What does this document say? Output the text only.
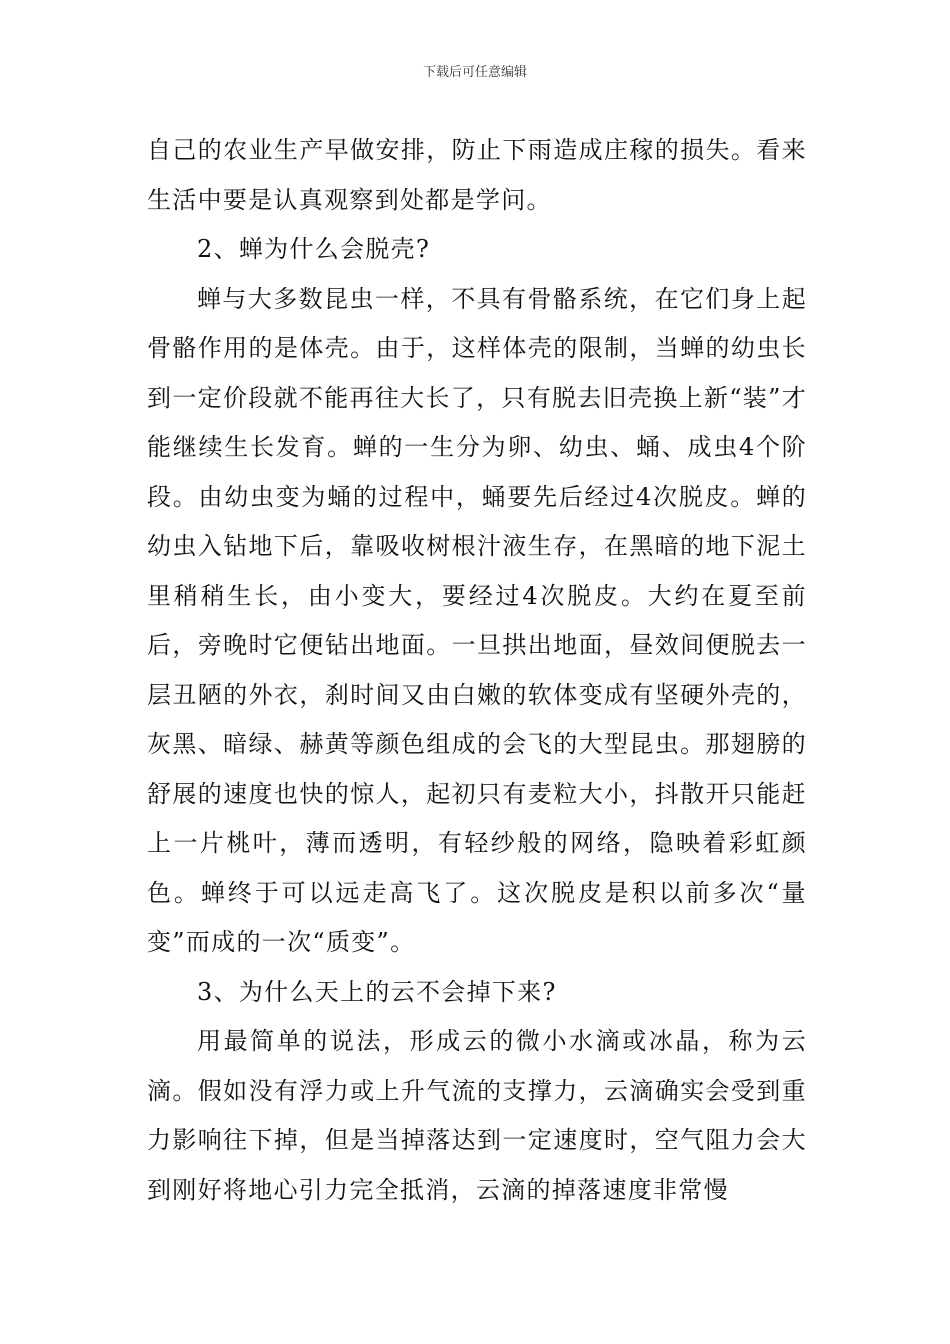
下载后可任意编辑

自己的农业生产早做安排，防止下雨造成庄稼的损失。看来生活中要是认真观察到处都是学问。

2、蝉为什么会脱壳?

蝉与大多数昆虫一样，不具有骨骼系统，在它们身上起骨骼作用的是体壳。由于，这样体壳的限制，当蝉的幼虫长到一定价段就不能再往大长了，只有脱去旧壳换上新“装”才能继续生长发育。蝉的一生分为卵、幼虫、蛹、成虫4个阶段。由幼虫变为蛹的过程中，蛹要先后经过4次脱皮。蝉的幼虫入钻地下后，靠吸收树根汁液生存，在黑暗的地下泥土里稍稍生长，由小变大，要经过4次脱皮。大约在夏至前后，旁晚时它便钻出地面。一旦拱出地面，昼效间便脱去一层丑陋的外衣，刹时间又由白嫩的软体变成有坚硬外壳的，灰黑、暗绿、赫黄等颜色组成的会飞的大型昆虫。那翅膀的舒展的速度也快的惊人，起初只有麦粒大小，抖散开只能赶上一片桃叶，薄而透明，有轻纱般的网络，隐映着彩虹颜色。蝉终于可以远走高飞了。这次脱皮是积以前多次“量变”而成的一次“质变”。

3、为什么天上的云不会掉下来?

用最简单的说法，形成云的微小水滴或冰晶，称为云滴。假如没有浮力或上升气流的支撑力，云滴确实会受到重力影响往下掉，但是当掉落达到一定速度时，空气阻力会大到刚好将地心引力完全抵消，云滴的掉落速度非常慢
